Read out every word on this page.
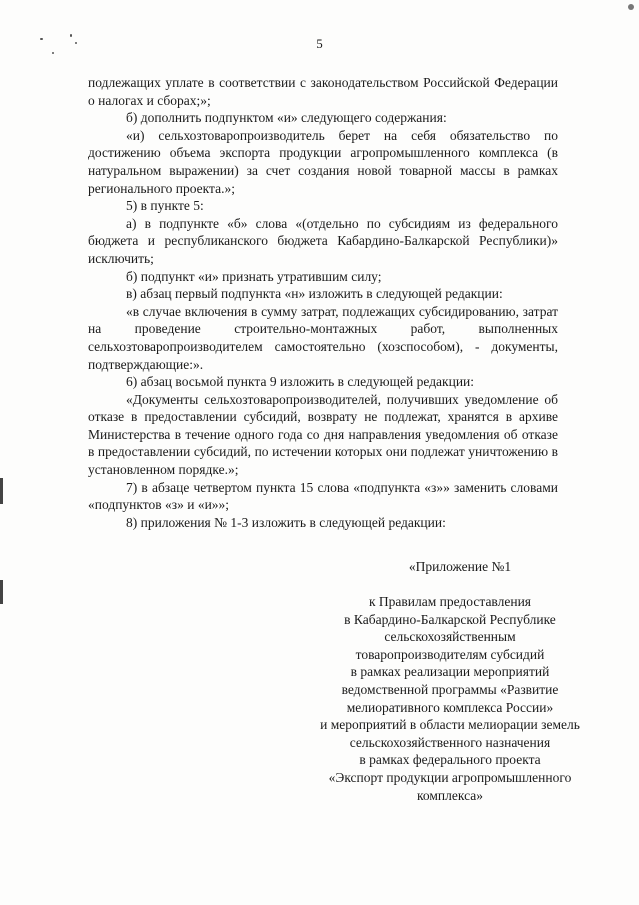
5

подлежащих уплате в соответствии с законодательством Российской Федерации о налогах и сборах;»;

б) дополнить подпунктом «и» следующего содержания:

«и) сельхозтоваропроизводитель берет на себя обязательство по достижению объема экспорта продукции агропромышленного комплекса (в натуральном выражении) за счет создания новой товарной массы в рамках регионального проекта.»;

5) в пункте 5:

а) в подпункте «б» слова «(отдельно по субсидиям из федерального бюджета и республиканского бюджета Кабардино-Балкарской Республики)» исключить;

б) подпункт «и» признать утратившим силу;

в) абзац первый подпункта «н» изложить в следующей редакции:

«в случае включения в сумму затрат, подлежащих субсидированию, затрат на проведение строительно-монтажных работ, выполненных сельхозтоваропроизводителем самостоятельно (хозспособом), - документы, подтверждающие:».

6) абзац восьмой пункта 9 изложить в следующей редакции:

«Документы сельхозтоваропроизводителей, получивших уведомление об отказе в предоставлении субсидий, возврату не подлежат, хранятся в архиве Министерства в течение одного года со дня направления уведомления об отказе в предоставлении субсидий, по истечении которых они подлежат уничтожению в установленном порядке.»;

7) в абзаце четвертом пункта 15 слова «подпункта «з»» заменить словами «подпунктов «з» и «и»»;

8) приложения № 1-3 изложить в следующей редакции:

«Приложение №1
к Правилам предоставления
в Кабардино-Балкарской Республике
сельскохозяйственным
товаропроизводителям субсидий
в рамках реализации мероприятий
ведомственной программы «Развитие
мелиоративного комплекса России»
и мероприятий в области мелиорации земель
сельскохозяйственного назначения
в рамках федерального проекта
«Экспорт продукции агропромышленного
комплекса»
